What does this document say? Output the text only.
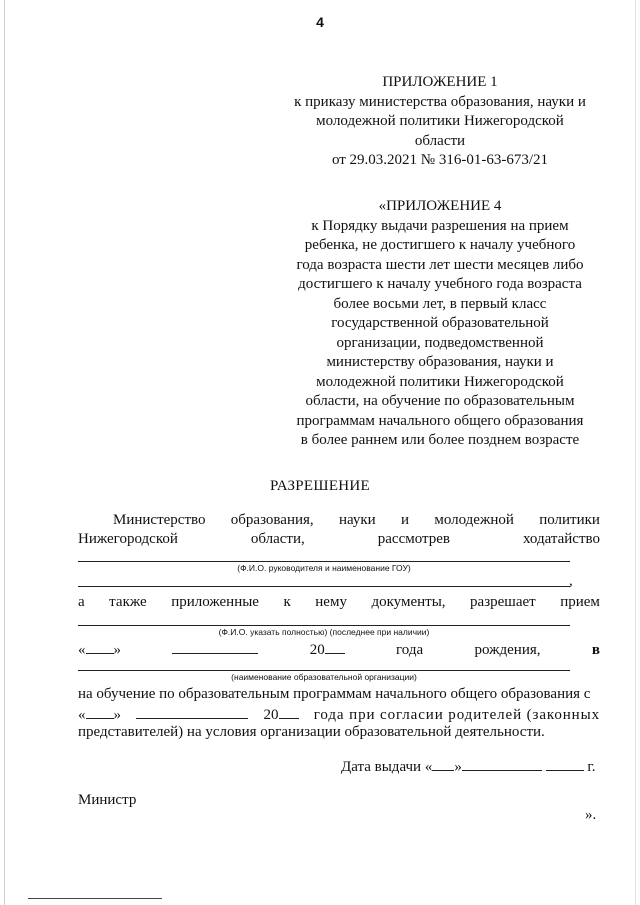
4
ПРИЛОЖЕНИЕ 1
к приказу министерства образования, науки и
молодежной политики Нижегородской
области
от 29.03.2021 № 316-01-63-673/21
«ПРИЛОЖЕНИЕ 4
к Порядку выдачи разрешения на прием
ребенка, не достигшего к началу учебного
года возраста шести лет шести месяцев либо
достигшего к началу учебного года возраста
более восьми лет, в первый класс
государственной образовательной
организации, подведомственной
министерству образования, науки и
молодежной политики Нижегородской
области, на обучение по образовательным
программам начального общего образования
в более раннем или более позднем возрасте
РАЗРЕШЕНИЕ
Министерство образования, науки и молодежной политики
Нижегородской	области,	рассмотрев	ходатайство
(Ф.И.О. руководителя и наименование ГОУ)
,
а также приложенные к нему документы, разрешает прием
(Ф.И.О. указать полностью) (последнее при наличии)
« »	20	года	рождения,	в
(наименование образовательной организации)
на обучение по образовательным программам начального общего образования с
« »	20	года при согласии родителей (законных
представителей) на условия организации образовательной деятельности.
Дата выдачи « »	г.
Министр
».
